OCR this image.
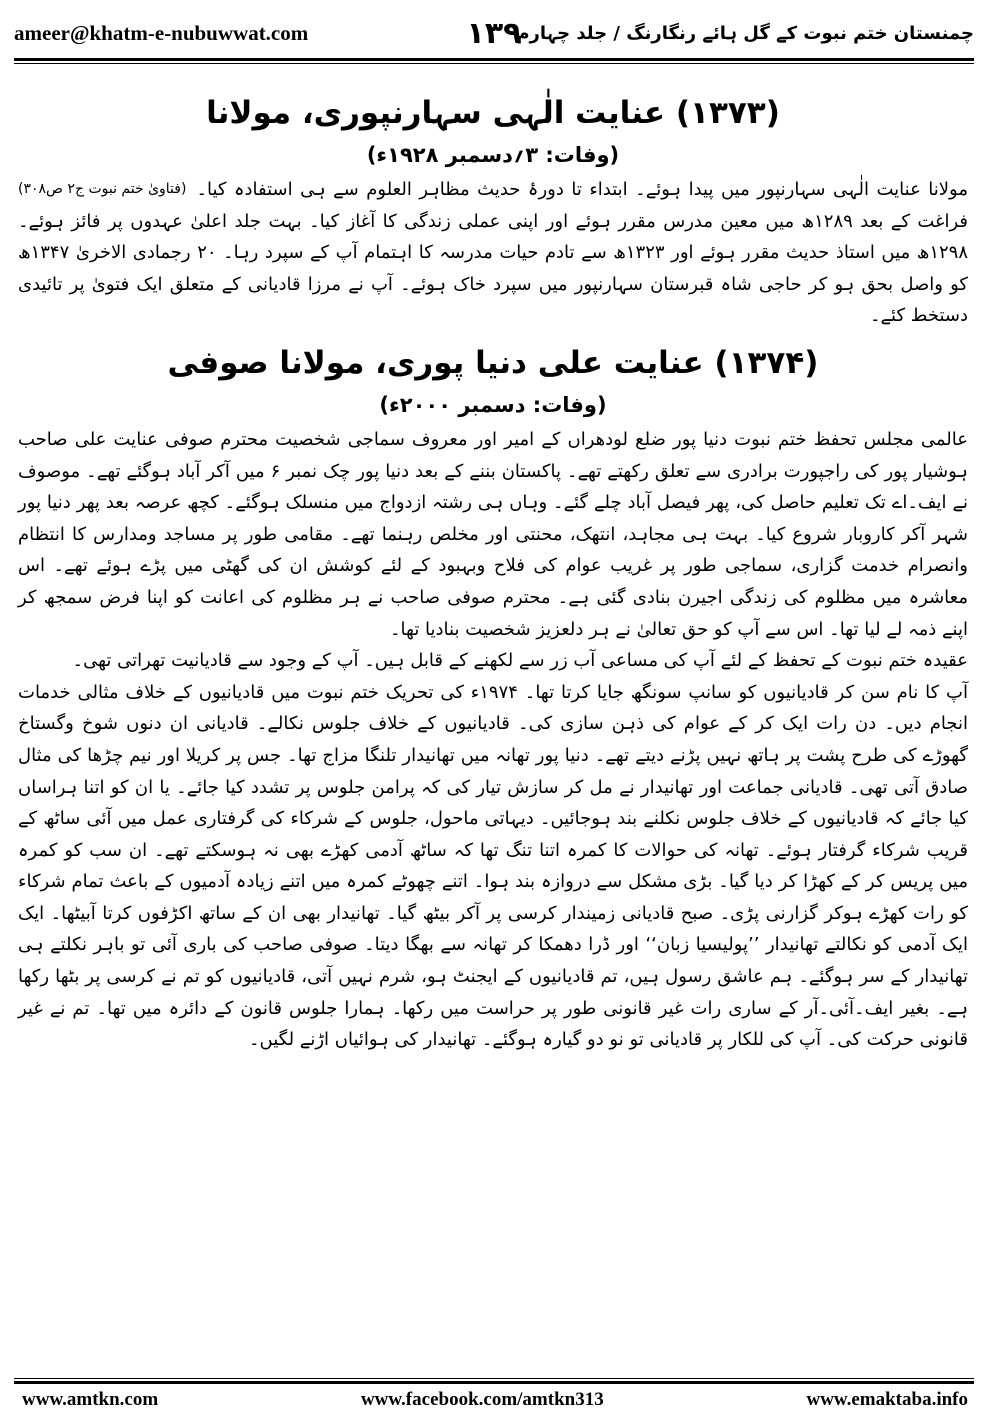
ameer@khatm-e-nubuwwat.com	۱۳۹
چمنستان ختم نبوت کے گل ہائے رنگارنگ / جلد چہارم
(۱۳۷۳) عنایت الٰہی سہارنپوری، مولانا
(وفات: ۳؍دسمبر ۱۹۲۸ء)

(فتاویٰ ختم نبوت ج۲ ص۳۰۸) مولانا عنایت الٰہی سہارنپور میں پیدا ہوئے۔ ابتداء تا دورۂ حدیث مظاہر العلوم سے ہی استفادہ کیا۔ فراغت کے بعد ۱۲۸۹ھ میں معین مدرس مقرر ہوئے اور اپنی عملی زندگی کا آغاز کیا۔ بہت جلد اعلیٰ عہدوں پر فائز ہوئے۔ ۱۲۹۸ھ میں استاذ حدیث مقرر ہوئے اور ۱۳۲۳ھ سے تادم حیات مدرسہ کا اہتمام آپ کے سپرد رہا۔ ۲۰ رجمادی الاخریٰ ۱۳۴۷ھ کو واصل بحق ہو کر حاجی شاہ قبرستان سہارنپور میں سپرد خاک ہوئے۔ آپ نے مرزا قادیانی کے متعلق ایک فتویٰ پر تائیدی دستخط کئے۔

(۱۳۷۴) عنایت علی دنیا پوری، مولانا صوفی
(وفات: دسمبر ۲۰۰۰ء)

عالمی مجلس تحفظ ختم نبوت دنیا پور ضلع لودھراں کے امیر اور معروف سماجی شخصیت محترم صوفی عنایت علی صاحب ہوشیار پور کی راجپورت برادری سے تعلق رکھتے تھے۔ پاکستان بننے کے بعد دنیا پور چک نمبر ۶ میں آکر آباد ہوگئے تھے۔ موصوف نے ایف۔اے تک تعلیم حاصل کی، پھر فیصل آباد چلے گئے۔ وہاں ہی رشتہ ازدواج میں منسلک ہوگئے۔ کچھ عرصہ بعد پھر دنیا پور شہر آکر کاروبار شروع کیا۔ بہت ہی مجاہد، انتھک، محنتی اور مخلص رہنما تھے۔ مقامی طور پر مساجد ومدارس کا انتظام وانصرام خدمت گزاری، سماجی طور پر غریب عوام کی فلاح وبہبود کے لئے کوشش ان کی گھٹی میں پڑے ہوئے تھے۔ اس معاشرہ میں مظلوم کی زندگی اجیرن بنادی گئی ہے۔ محترم صوفی صاحب نے ہر مظلوم کی اعانت کو اپنا فرض سمجھ کر اپنے ذمہ لے لیا تھا۔ اس سے آپ کو حق تعالیٰ نے ہر دلعزیز شخصیت بنادیا تھا۔

عقیدہ ختم نبوت کے تحفظ کے لئے آپ کی مساعی آب زر سے لکھنے کے قابل ہیں۔ آپ کے وجود سے قادیانیت تھراتی تھی۔

آپ کا نام سن کر قادیانیوں کو سانپ سونگھ جایا کرتا تھا۔ ۱۹۷۴ء کی تحریک ختم نبوت میں قادیانیوں کے خلاف مثالی خدمات انجام دیں۔ دن رات ایک کر کے عوام کی ذہن سازی کی۔ قادیانیوں کے خلاف جلوس نکالے۔ قادیانی ان دنوں شوخ وگستاخ گھوڑے کی طرح پشت پر ہاتھ نہیں پڑنے دیتے تھے۔ دنیا پور تھانہ میں تھانیدار تلنگا مزاج تھا۔ جس پر کریلا اور نیم چڑھا کی مثال صادق آتی تھی۔ قادیانی جماعت اور تھانیدار نے مل کر سازش تیار کی کہ پرامن جلوس پر تشدد کیا جائے۔ یا ان کو اتنا ہراساں کیا جائے کہ قادیانیوں کے خلاف جلوس نکلنے بند ہوجائیں۔ دیہاتی ماحول، جلوس کے شرکاء کی گرفتاری عمل میں آئی ساٹھ کے قریب شرکاء گرفتار ہوئے۔ تھانہ کی حوالات کا کمرہ اتنا تنگ تھا کہ ساٹھ آدمی کھڑے بھی نہ ہوسکتے تھے۔ ان سب کو کمرہ میں پریس کر کے کھڑا کر دیا گیا۔ بڑی مشکل سے دروازہ بند ہوا۔ اتنے چھوٹے کمرہ میں اتنے زیادہ آدمیوں کے باعث تمام شرکاء کو رات کھڑے ہوکر گزارنی پڑی۔ صبح قادیانی زمیندار کرسی پر آکر بیٹھ گیا۔ تھانیدار بھی ان کے ساتھ اکڑفوں کرتا آبیٹھا۔ ایک ایک آدمی کو نکالتے تھانیدار ’’پولیسیا زبان‘‘ اور ڈرا دھمکا کر تھانہ سے بھگا دیتا۔ صوفی صاحب کی باری آئی تو باہر نکلتے ہی تھانیدار کے سر ہوگئے۔ ہم عاشق رسول ہیں، تم قادیانیوں کے ایجنٹ ہو، شرم نہیں آتی، قادیانیوں کو تم نے کرسی پر بٹھا رکھا ہے۔ بغیر ایف۔آئی۔آر کے ساری رات غیر قانونی طور پر حراست میں رکھا۔ ہمارا جلوس قانون کے دائرہ میں تھا۔ تم نے غیر قانونی حرکت کی۔ آپ کی للکار پر قادیانی تو نو دو گیارہ ہوگئے۔ تھانیدار کی ہوائیاں اڑنے لگیں۔

www.amtkn.com	www.facebook.com/amtkn313	www.emaktaba.info
